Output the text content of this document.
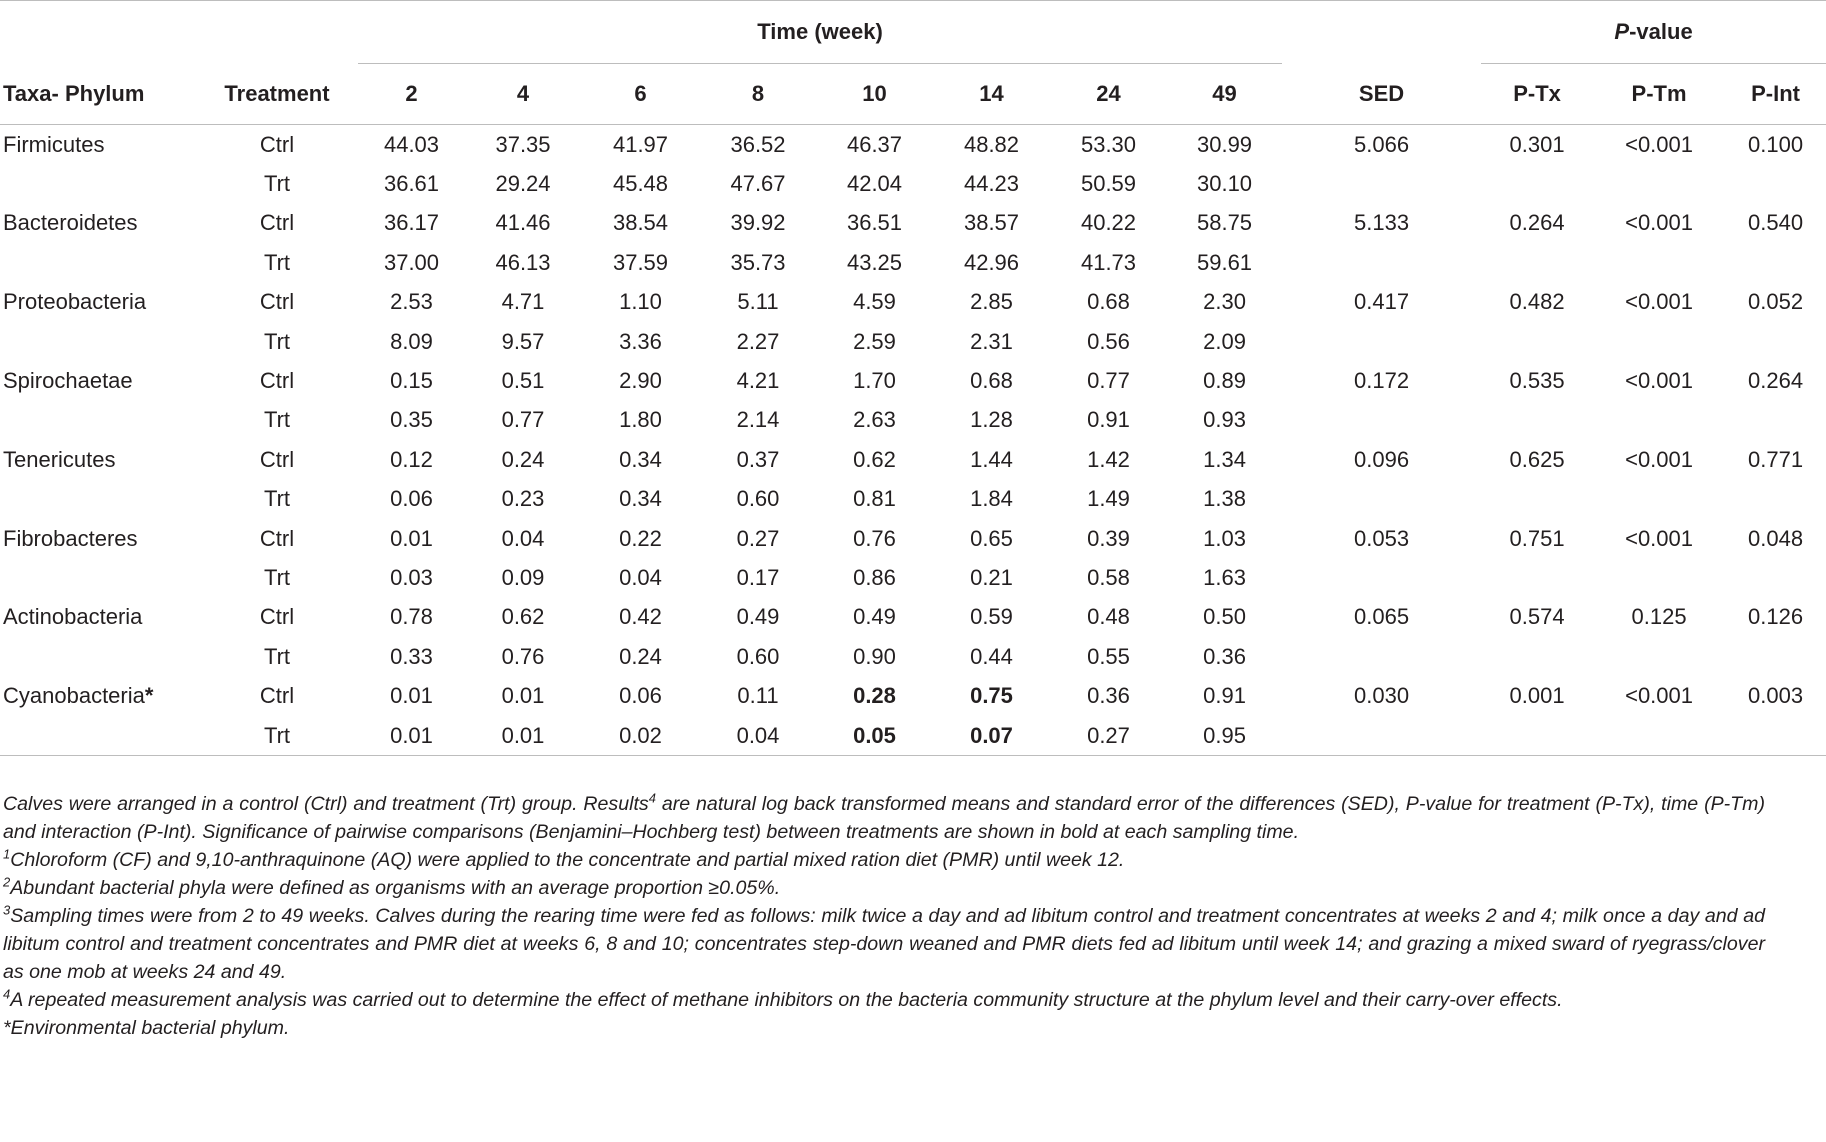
		Time (week)											P-value		
Taxa- Phylum	Treatment	2	4	6	8	10	14	24	49		SED		P-Tx	P-Tm	P-Int
Firmicutes	Ctrl	44.03	37.35	41.97	36.52	46.37	48.82	53.30	30.99		5.066		0.301	<0.001	0.100
	Trt	36.61	29.24	45.48	47.67	42.04	44.23	50.59	30.10						
Bacteroidetes	Ctrl	36.17	41.46	38.54	39.92	36.51	38.57	40.22	58.75		5.133		0.264	<0.001	0.540
	Trt	37.00	46.13	37.59	35.73	43.25	42.96	41.73	59.61						
Proteobacteria	Ctrl	2.53	4.71	1.10	5.11	4.59	2.85	0.68	2.30		0.417		0.482	<0.001	0.052
	Trt	8.09	9.57	3.36	2.27	2.59	2.31	0.56	2.09						
Spirochaetae	Ctrl	0.15	0.51	2.90	4.21	1.70	0.68	0.77	0.89		0.172		0.535	<0.001	0.264
	Trt	0.35	0.77	1.80	2.14	2.63	1.28	0.91	0.93						
Tenericutes	Ctrl	0.12	0.24	0.34	0.37	0.62	1.44	1.42	1.34		0.096		0.625	<0.001	0.771
	Trt	0.06	0.23	0.34	0.60	0.81	1.84	1.49	1.38						
Fibrobacteres	Ctrl	0.01	0.04	0.22	0.27	0.76	0.65	0.39	1.03		0.053		0.751	<0.001	0.048
	Trt	0.03	0.09	0.04	0.17	0.86	0.21	0.58	1.63						
Actinobacteria	Ctrl	0.78	0.62	0.42	0.49	0.49	0.59	0.48	0.50		0.065		0.574	0.125	0.126
	Trt	0.33	0.76	0.24	0.60	0.90	0.44	0.55	0.36						
Cyanobacteria*	Ctrl	0.01	0.01	0.06	0.11	0.28	0.75	0.36	0.91		0.030		0.001	<0.001	0.003
	Trt	0.01	0.01	0.02	0.04	0.05	0.07	0.27	0.95						

Calves were arranged in a control (Ctrl) and treatment (Trt) group. Results$^4$ are natural log back transformed means and standard error of the differences (SED), P-value for treatment (P-Tx), time (P-Tm) and interaction (P-Int). Significance of pairwise comparisons (Benjamini–Hochberg test) between treatments are shown in bold at each sampling time.

$^1$Chloroform (CF) and 9,10-anthraquinone (AQ) were applied to the concentrate and partial mixed ration diet (PMR) until week 12.

$^2$Abundant bacterial phyla were defined as organisms with an average proportion ≥0.05%.

$^3$Sampling times were from 2 to 49 weeks. Calves during the rearing time were fed as follows: milk twice a day and ad libitum control and treatment concentrates at weeks 2 and 4; milk once a day and ad libitum control and treatment concentrates and PMR diet at weeks 6, 8 and 10; concentrates step-down weaned and PMR diets fed ad libitum until week 14; and grazing a mixed sward of ryegrass/clover as one mob at weeks 24 and 49.

$^4$A repeated measurement analysis was carried out to determine the effect of methane inhibitors on the bacteria community structure at the phylum level and their carry-over effects.

*Environmental bacterial phylum.
